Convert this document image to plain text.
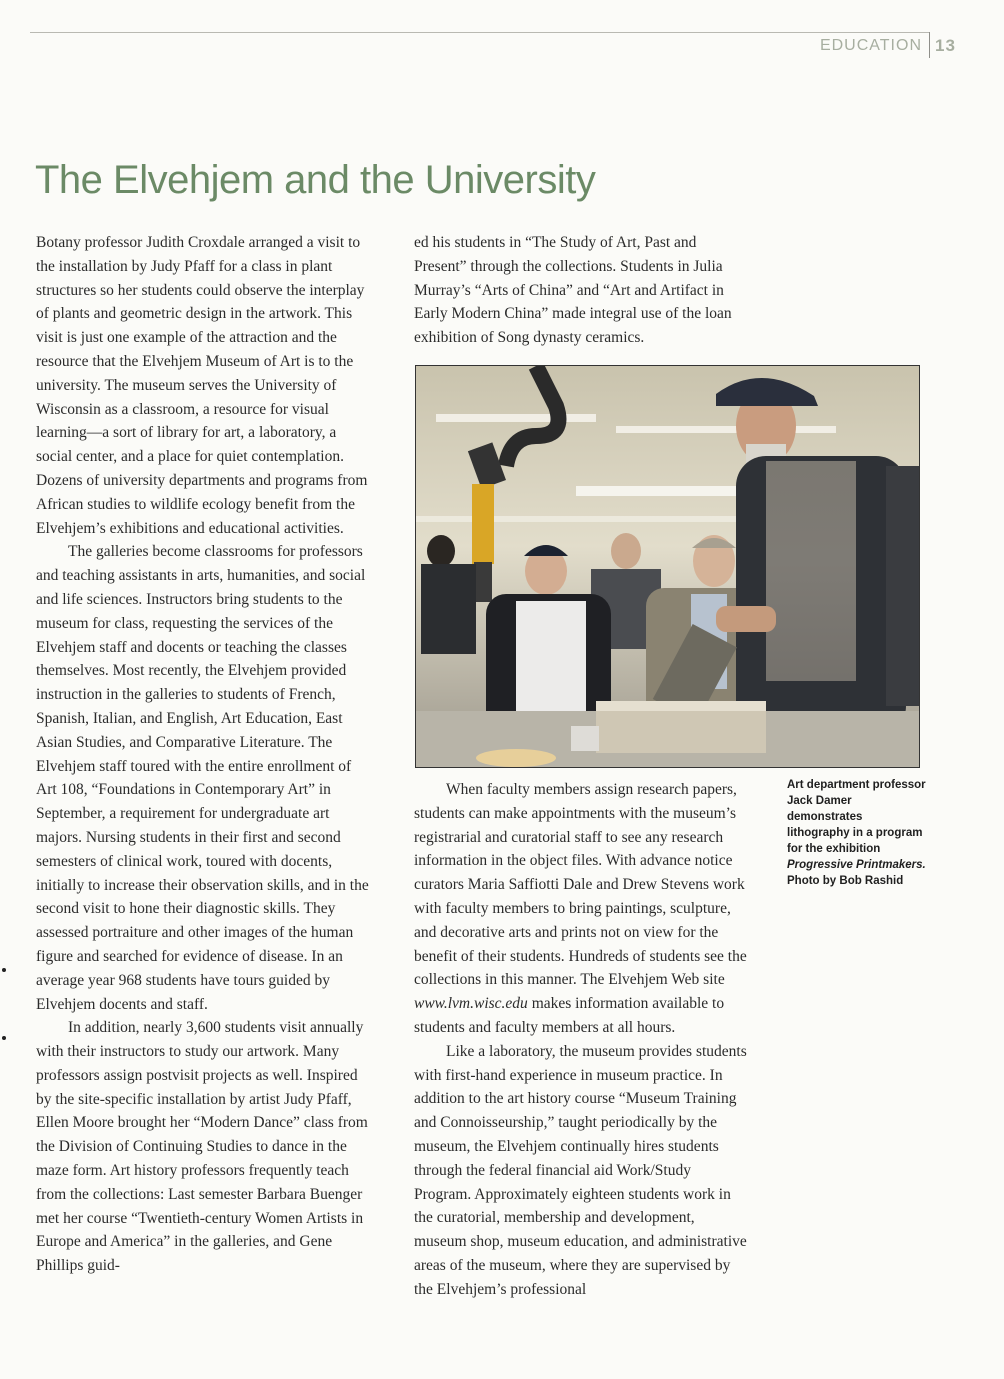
EDUCATION 13
The Elvehjem and the University

Botany professor Judith Croxdale arranged a visit to the installation by Judy Pfaff for a class in plant structures so her students could observe the interplay of plants and geometric design in the artwork. This visit is just one example of the attraction and the resource that the Elvehjem Museum of Art is to the university. The museum serves the University of Wisconsin as a classroom, a resource for visual learning—a sort of library for art, a laboratory, a social center, and a place for quiet contemplation. Dozens of university departments and programs from African studies to wildlife ecology benefit from the Elvehjem’s exhibitions and educational activities.

The galleries become classrooms for professors and teaching assistants in arts, humanities, and social and life sciences. Instructors bring students to the museum for class, requesting the services of the Elvehjem staff and docents or teaching the classes themselves. Most recently, the Elvehjem provided instruction in the galleries to students of French, Spanish, Italian, and English, Art Education, East Asian Studies, and Comparative Literature. The Elvehjem staff toured with the entire enrollment of Art 108, “Foundations in Contemporary Art” in September, a requirement for undergraduate art majors. Nursing students in their first and second semesters of clinical work, toured with docents, initially to increase their observation skills, and in the second visit to hone their diagnostic skills. They assessed portraiture and other images of the human figure and searched for evidence of disease. In an average year 968 students have tours guided by Elvehjem docents and staff.

In addition, nearly 3,600 students visit annually with their instructors to study our artwork. Many professors assign postvisit projects as well. Inspired by the site-specific installation by artist Judy Pfaff, Ellen Moore brought her “Modern Dance” class from the Division of Continuing Studies to dance in the maze form. Art history professors frequently teach from the collections: Last semester Barbara Buenger met her course “Twentieth-century Women Artists in Europe and America” in the galleries, and Gene Phillips guid-

ed his students in “The Study of Art, Past and Present” through the collections. Students in Julia Murray’s “Arts of China” and “Art and Artifact in Early Modern China” made integral use of the loan exhibition of Song dynasty ceramics.

When faculty members assign research papers, students can make appointments with the museum’s registrarial and curatorial staff to see any research information in the object files. With advance notice curators Maria Saffiotti Dale and Drew Stevens work with faculty members to bring paintings, sculpture, and decorative arts and prints not on view for the benefit of their students. Hundreds of students see the collections in this manner. The Elvehjem Web site www.lvm.wisc.edu makes information available to students and faculty members at all hours.

Like a laboratory, the museum provides students with first-hand experience in museum practice. In addition to the art history course “Museum Training and Connoisseurship,” taught periodically by the museum, the Elvehjem continually hires students through the federal financial aid Work/Study Program. Approximately eighteen students work in the curatorial, membership and development, museum shop, museum education, and administrative areas of the museum, where they are supervised by the Elvehjem’s professional

Art department professor Jack Damer demonstrates lithography in a program for the exhibition Progressive Printmakers.
Photo by Bob Rashid
